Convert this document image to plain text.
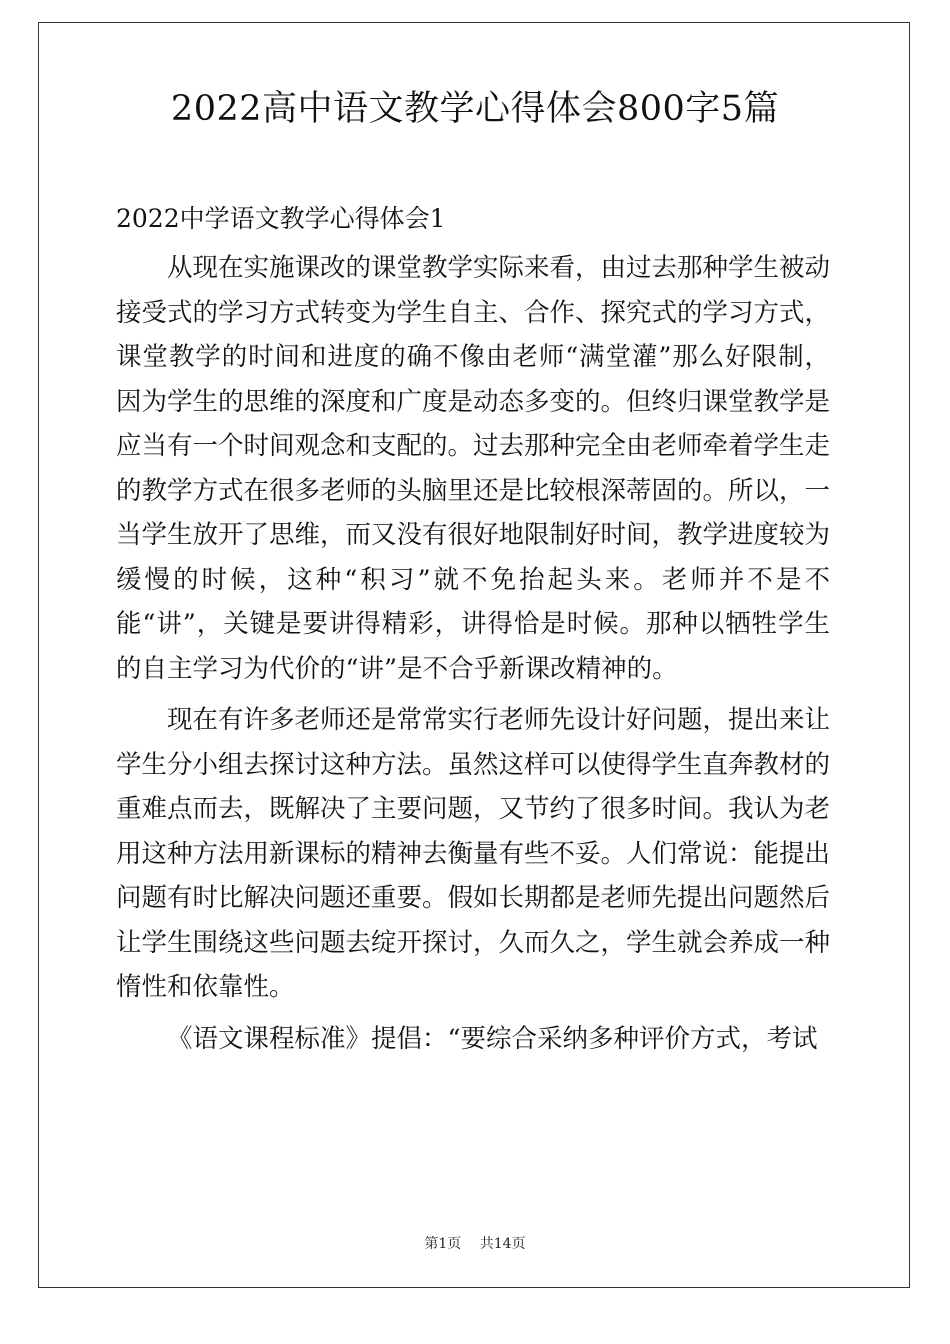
2022高中语文教学心得体会800字5篇

2022中学语文教学心得体会1

从现在实施课改的课堂教学实际来看，由过去那种学生被动接受式的学习方式转变为学生自主、合作、探究式的学习方式，课堂教学的时间和进度的确不像由老师“满堂灌”那么好限制，因为学生的思维的深度和广度是动态多变的。但终归课堂教学是应当有一个时间观念和支配的。过去那种完全由老师牵着学生走的教学方式在很多老师的头脑里还是比较根深蒂固的。所以，一当学生放开了思维，而又没有很好地限制好时间，教学进度较为缓慢的时候，这种“积习”就不免抬起头来。老师并不是不能“讲”，关键是要讲得精彩，讲得恰是时候。那种以牺牲学生的自主学习为代价的“讲”是不合乎新课改精神的。

现在有许多老师还是常常实行老师先设计好问题，提出来让学生分小组去探讨这种方法。虽然这样可以使得学生直奔教材的重难点而去，既解决了主要问题，又节约了很多时间。我认为老用这种方法用新课标的精神去衡量有些不妥。人们常说：能提出问题有时比解决问题还重要。假如长期都是老师先提出问题然后让学生围绕这些问题去绽开探讨，久而久之，学生就会养成一种惰性和依靠性。

《语文课程标准》提倡：“要综合采纳多种评价方式，考试

第1页 共14页
